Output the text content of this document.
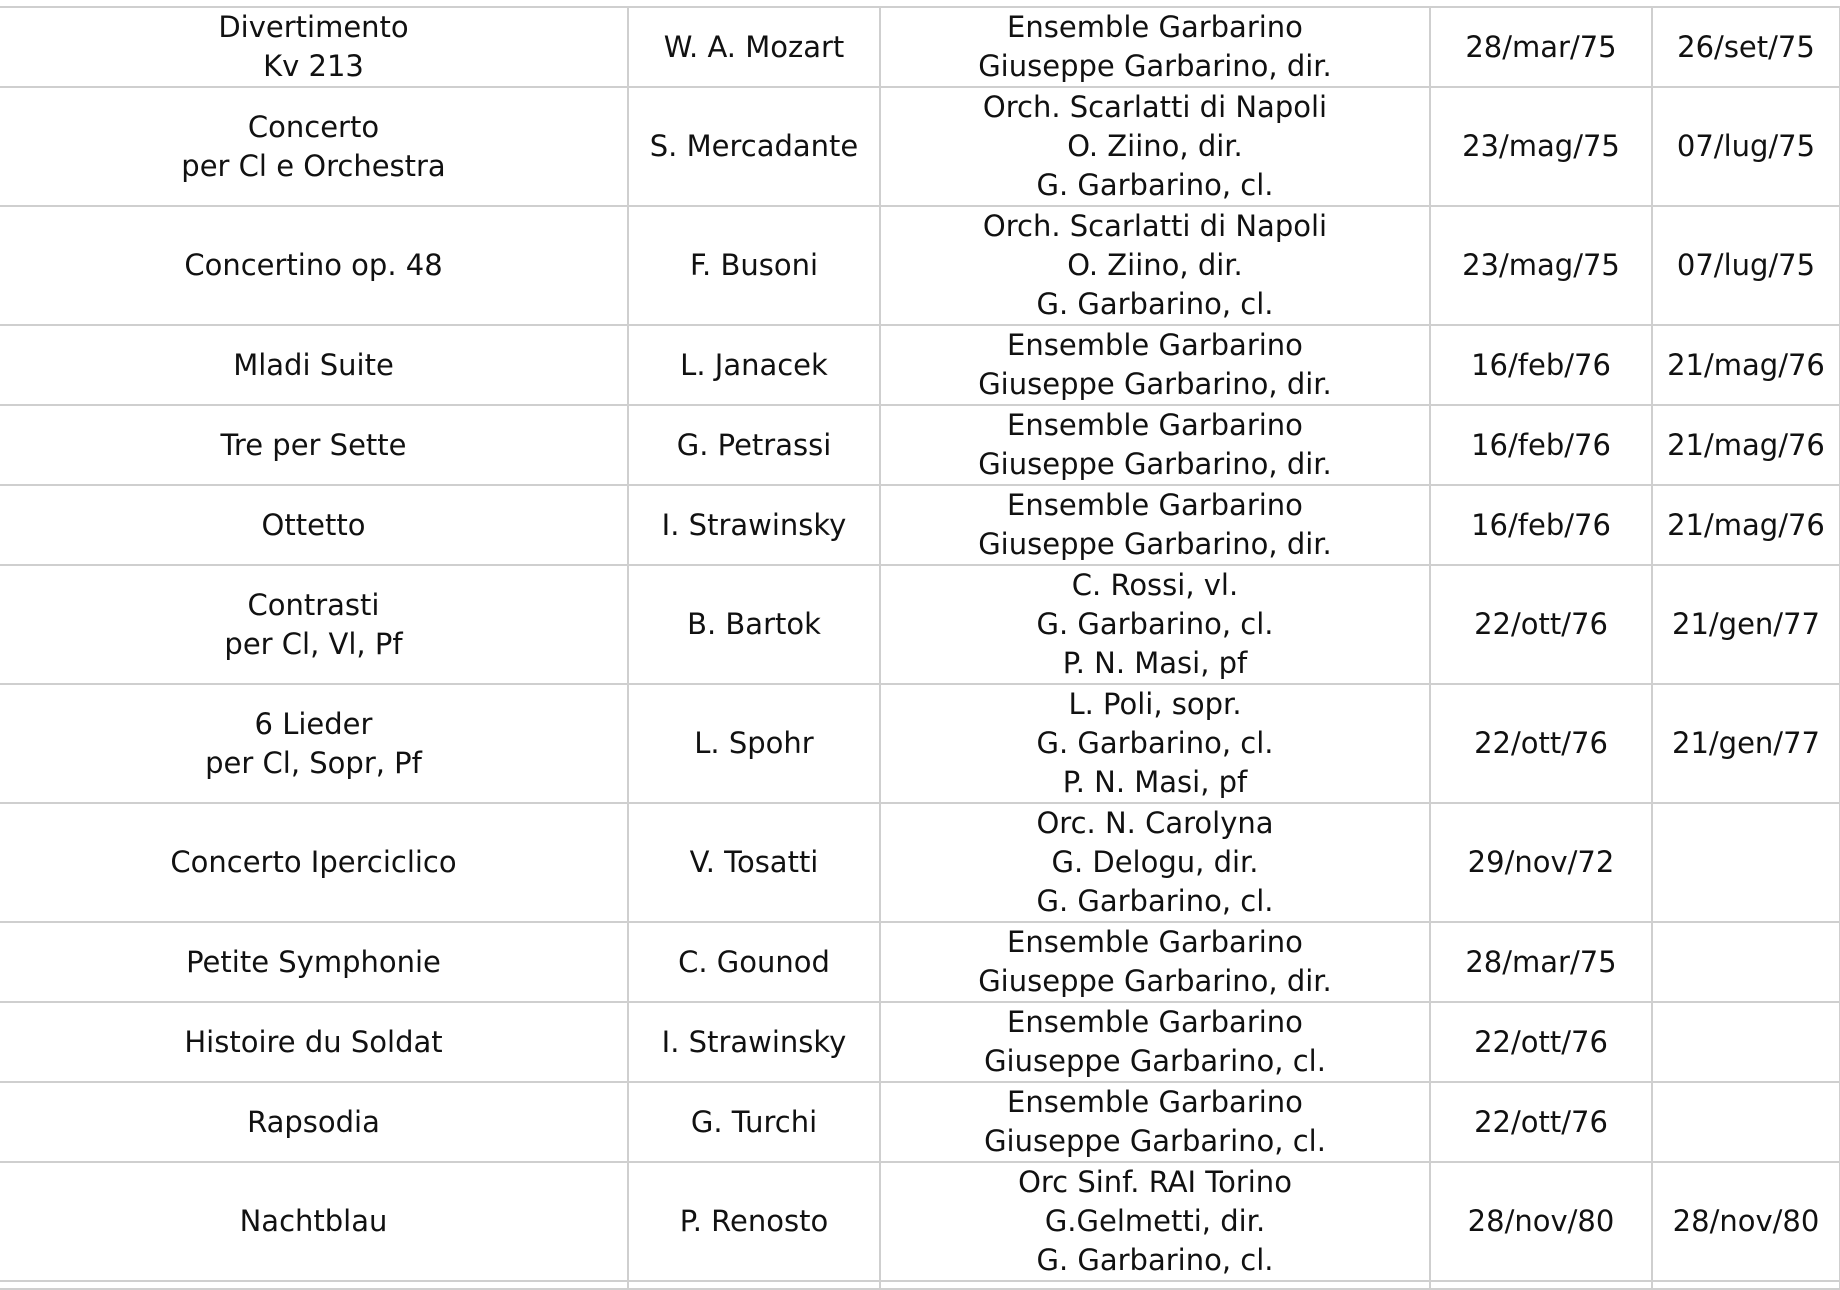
Divertimento
Kv 213	W. A. Mozart	Ensemble Garbarino
Giuseppe Garbarino, dir.	28/mar/75	26/set/75

Concerto
per Cl e Orchestra	S. Mercadante	Orch. Scarlatti di Napoli
O. Ziino, dir.
G. Garbarino, cl.	23/mag/75	07/lug/75

Concertino op. 48	F. Busoni	Orch. Scarlatti di Napoli
O. Ziino, dir.
G. Garbarino, cl.	23/mag/75	07/lug/75

Mladi Suite	L. Janacek	Ensemble Garbarino
Giuseppe Garbarino, dir.	16/feb/76	21/mag/76

Tre per Sette	G. Petrassi	Ensemble Garbarino
Giuseppe Garbarino, dir.	16/feb/76	21/mag/76

Ottetto	I. Strawinsky	Ensemble Garbarino
Giuseppe Garbarino, dir.	16/feb/76	21/mag/76

Contrasti
per Cl, Vl, Pf	B. Bartok	C. Rossi, vl.
G. Garbarino, cl.
P. N. Masi, pf	22/ott/76	21/gen/77

6 Lieder
per Cl, Sopr, Pf	L. Spohr	L. Poli, sopr.
G. Garbarino, cl.
P. N. Masi, pf	22/ott/76	21/gen/77

Concerto Iperciclico	V. Tosatti	Orc. N. Carolyna
G. Delogu, dir.
G. Garbarino, cl.	29/nov/72	

Petite Symphonie	C. Gounod	Ensemble Garbarino
Giuseppe Garbarino, dir.	28/mar/75	

Histoire du Soldat	I. Strawinsky	Ensemble Garbarino
Giuseppe Garbarino, cl.	22/ott/76	

Rapsodia	G. Turchi	Ensemble Garbarino
Giuseppe Garbarino, cl.	22/ott/76	

Nachtblau	P. Renosto	Orc Sinf. RAI Torino
G.Gelmetti, dir.
G. Garbarino, cl.	28/nov/80	28/nov/80
